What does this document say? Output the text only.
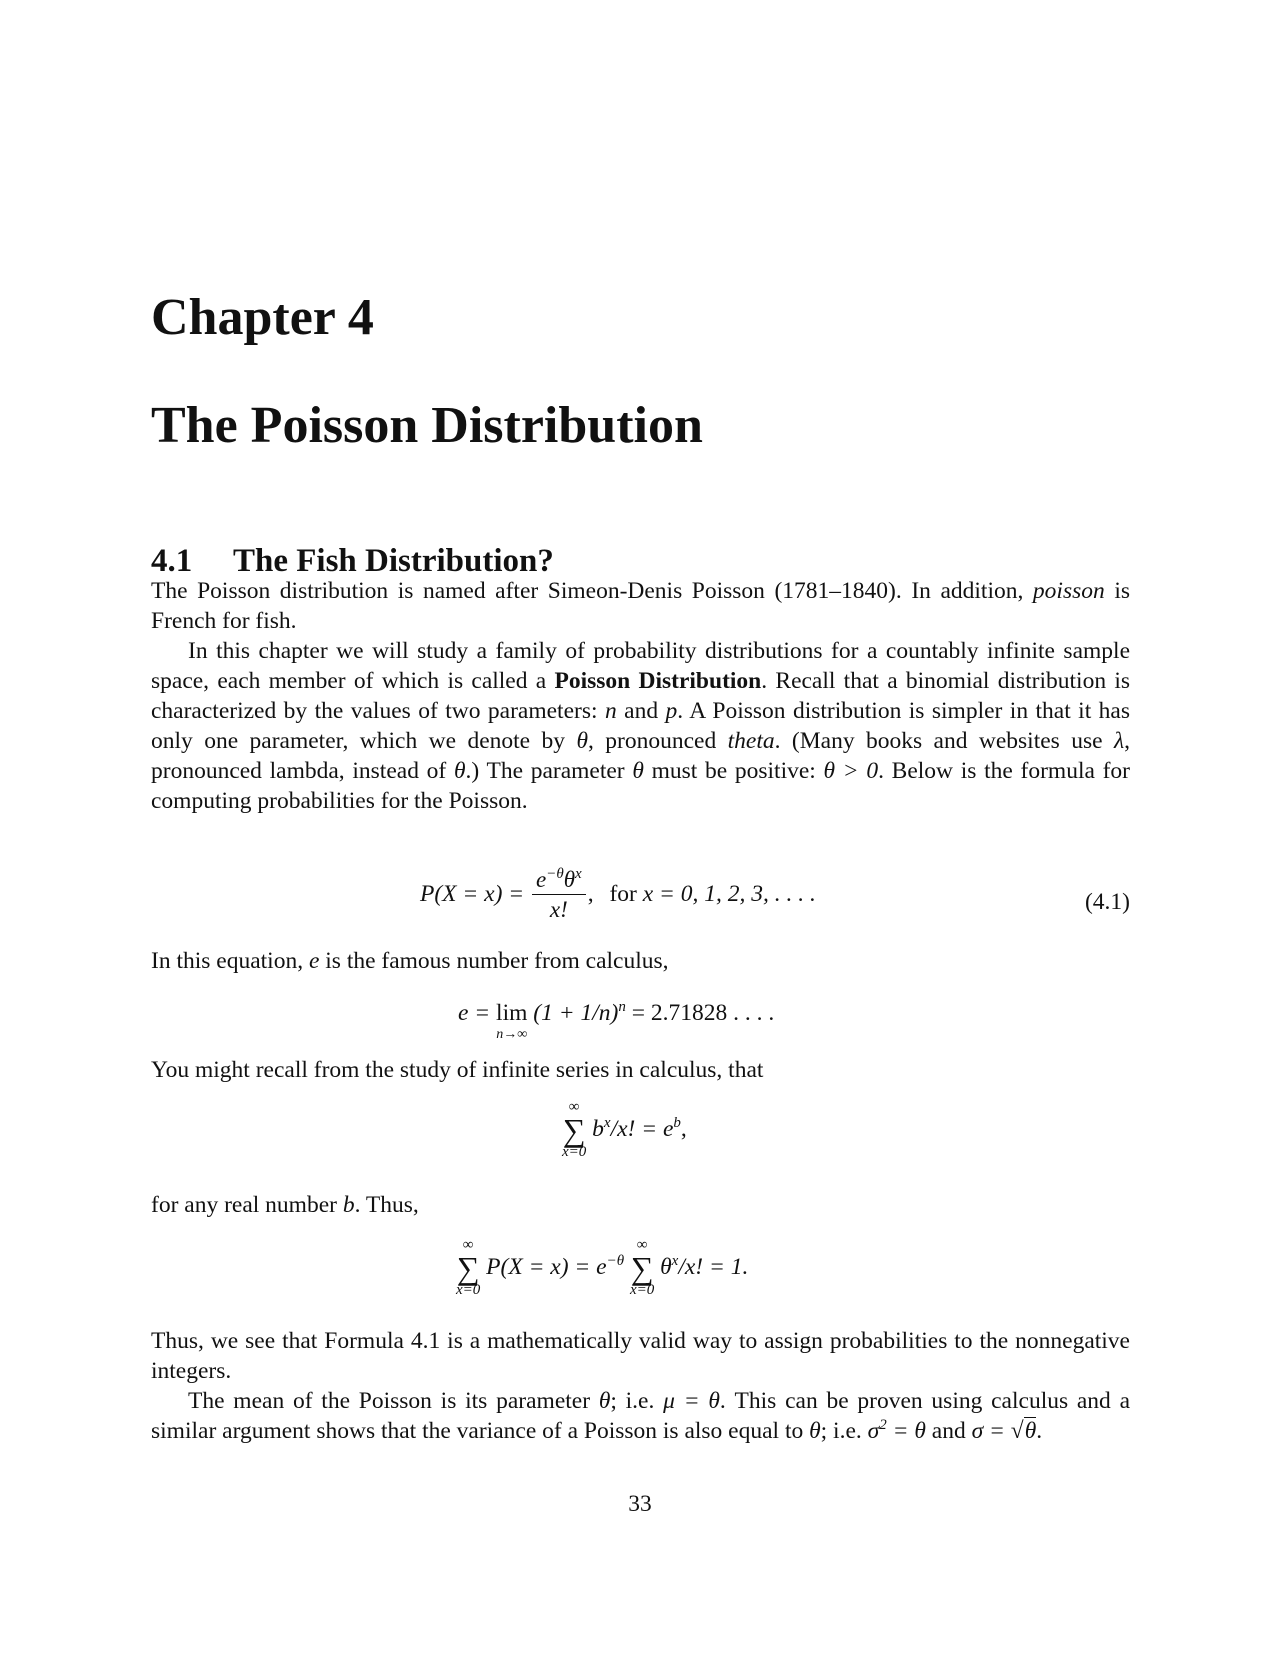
Chapter 4
The Poisson Distribution
4.1 The Fish Distribution?

The Poisson distribution is named after Simeon-Denis Poisson (1781–1840). In addition, poisson is French for fish.

In this chapter we will study a family of probability distributions for a countably infinite sample space, each member of which is called a Poisson Distribution. Recall that a binomial distribution is characterized by the values of two parameters: n and p. A Poisson distribution is simpler in that it has only one parameter, which we denote by θ, pronounced theta. (Many books and websites use λ, pronounced lambda, instead of θ.) The parameter θ must be positive: θ > 0. Below is the formula for computing probabilities for the Poisson.

$P(X = x) = \frac{e^{-\theta}\theta^x}{x!}$ , for x = 0, 1, 2, 3, . . . .	(4.1)

In this equation, e is the famous number from calculus,

e = lim
n→∞
$(1 + 1/n)^n = 2.71828$ . . . .

You might recall from the study of infinite series in calculus, that

∞
∑
x=0
$b^x/x$! = $e^b$,

for any real number b. Thus,

∞
∑
x=0
$P(X = x) = e^{-\theta}$
∞
∑
x=0
$\theta^x/x$! = 1.

Thus, we see that Formula 4.1 is a mathematically valid way to assign probabilities to the nonnegative integers.

The mean of the Poisson is its parameter θ; i.e. μ = θ. This can be proven using calculus and a similar argument shows that the variance of a Poisson is also equal to θ; i.e. $\sigma^2 = \theta$ and σ = √θ.

33
